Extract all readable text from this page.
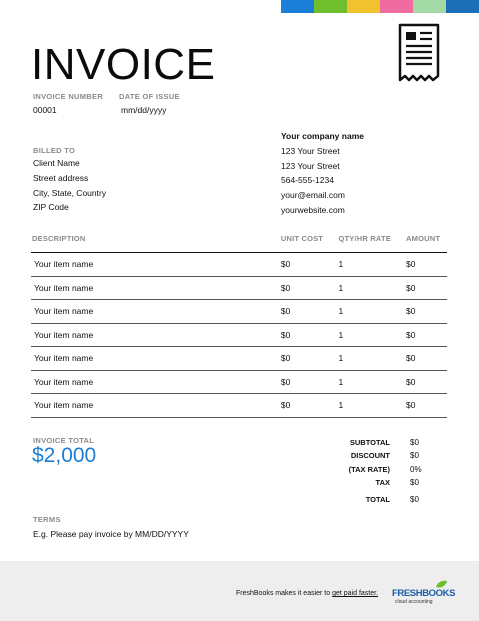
INVOICE
INVOICE NUMBER
00001
DATE OF ISSUE
mm/dd/yyyy
BILLED TO
Client Name
Street address
City, State, Country
ZIP Code
Your company name
123 Your Street
123 Your Street
564-555-1234
your@email.com
yourwebsite.com
DESCRIPTION	UNIT COST	QTY/HR RATE	AMOUNT
Your item name	$0	1	$0
Your item name	$0	1	$0
Your item name	$0	1	$0
Your item name	$0	1	$0
Your item name	$0	1	$0
Your item name	$0	1	$0
Your item name	$0	1	$0
INVOICE TOTAL
$2,000
SUBTOTAL	$0
DISCOUNT	$0
(TAX RATE)	0%
TAX	$0
TOTAL	$0
TERMS
E.g. Please pay invoice by MM/DD/YYYY
FreshBooks makes it easier to get paid faster. FRESHBOOKS
cloud accounting
